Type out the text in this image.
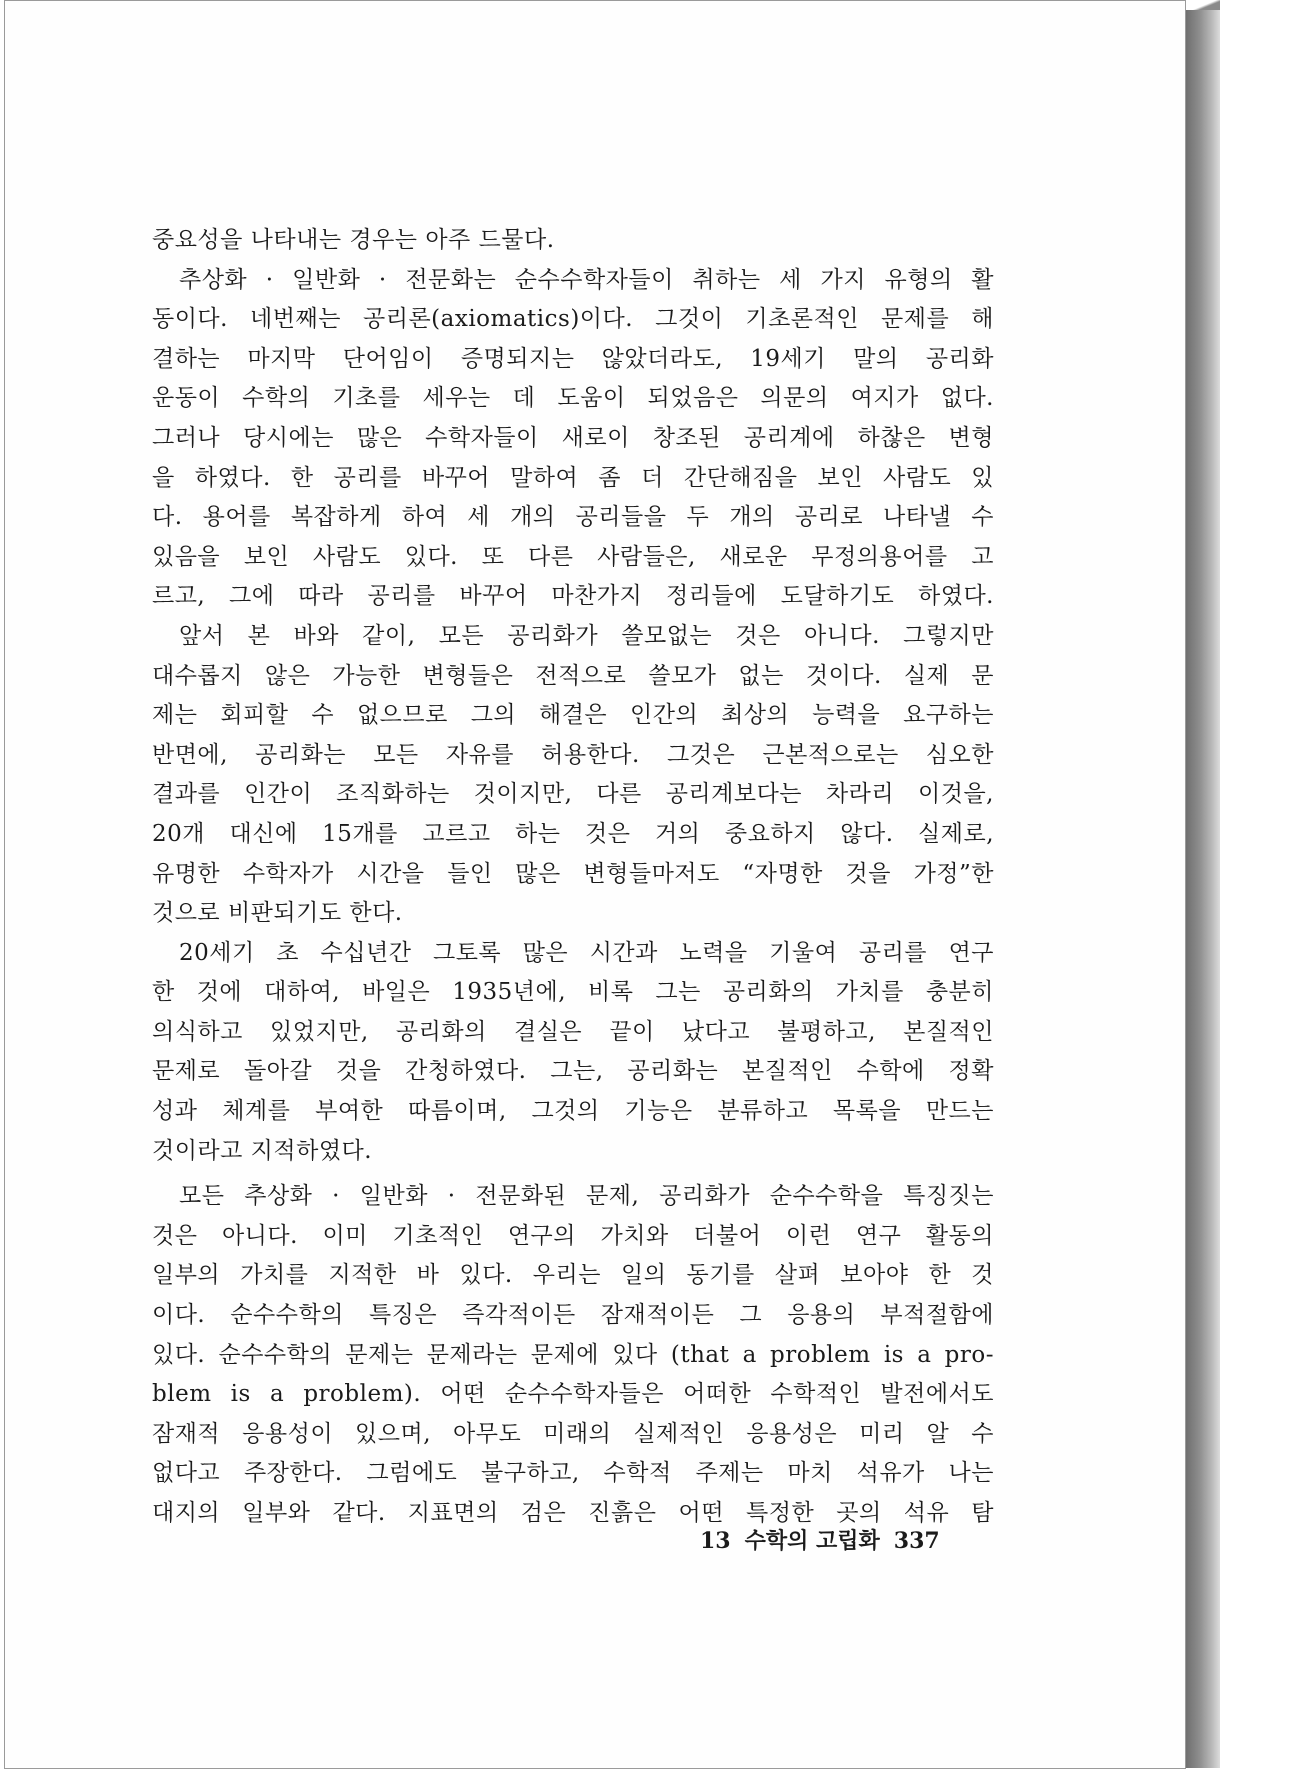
중요성을 나타내는 경우는 아주 드물다.
추상화 · 일반화 · 전문화는 순수수학자들이 취하는 세 가지 유형의 활
동이다. 네번째는 공리론(axiomatics)이다. 그것이 기초론적인 문제를 해
결하는 마지막 단어임이 증명되지는 않았더라도, 19세기 말의 공리화
운동이 수학의 기초를 세우는 데 도움이 되었음은 의문의 여지가 없다.
그러나 당시에는 많은 수학자들이 새로이 창조된 공리계에 하찮은 변형
을 하였다. 한 공리를 바꾸어 말하여 좀 더 간단해짐을 보인 사람도 있
다. 용어를 복잡하게 하여 세 개의 공리들을 두 개의 공리로 나타낼 수
있음을 보인 사람도 있다. 또 다른 사람들은, 새로운 무정의용어를 고
르고, 그에 따라 공리를 바꾸어 마찬가지 정리들에 도달하기도 하였다.
앞서 본 바와 같이, 모든 공리화가 쓸모없는 것은 아니다. 그렇지만
대수롭지 않은 가능한 변형들은 전적으로 쓸모가 없는 것이다. 실제 문
제는 회피할 수 없으므로 그의 해결은 인간의 최상의 능력을 요구하는
반면에, 공리화는 모든 자유를 허용한다. 그것은 근본적으로는 심오한
결과를 인간이 조직화하는 것이지만, 다른 공리계보다는 차라리 이것을,
20개 대신에 15개를 고르고 하는 것은 거의 중요하지 않다. 실제로,
유명한 수학자가 시간을 들인 많은 변형들마저도 “자명한 것을 가정”한
것으로 비판되기도 한다.
20세기 초 수십년간 그토록 많은 시간과 노력을 기울여 공리를 연구
한 것에 대하여, 바일은 1935년에, 비록 그는 공리화의 가치를 충분히
의식하고 있었지만, 공리화의 결실은 끝이 났다고 불평하고, 본질적인
문제로 돌아갈 것을 간청하였다. 그는, 공리화는 본질적인 수학에 정확
성과 체계를 부여한 따름이며, 그것의 기능은 분류하고 목록을 만드는
것이라고 지적하였다.
모든 추상화 · 일반화 · 전문화된 문제, 공리화가 순수수학을 특징짓는
것은 아니다. 이미 기초적인 연구의 가치와 더불어 이런 연구 활동의
일부의 가치를 지적한 바 있다. 우리는 일의 동기를 살펴 보아야 한 것
이다. 순수수학의 특징은 즉각적이든 잠재적이든 그 응용의 부적절함에
있다. 순수수학의 문제는 문제라는 문제에 있다 (that a problem is a pro-
blem is a problem). 어떤 순수수학자들은 어떠한 수학적인 발전에서도
잠재적 응용성이 있으며, 아무도 미래의 실제적인 응용성은 미리 알 수
없다고 주장한다. 그럼에도 불구하고, 수학적 주제는 마치 석유가 나는
대지의 일부와 같다. 지표면의 검은 진흙은 어떤 특정한 곳의 석유 탐
13 수학의 고립화 337
